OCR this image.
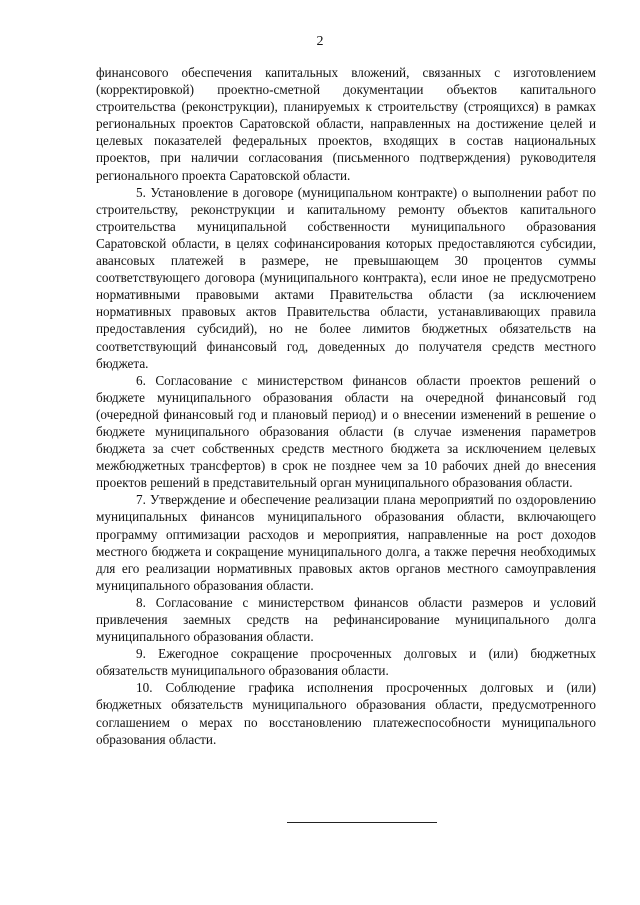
2

финансового обеспечения капитальных вложений, связанных с изготовлением (корректировкой) проектно-сметной документации объектов капитального строительства (реконструкции), планируемых к строительству (строящихся) в рамках региональных проектов Саратовской области, направленных на достижение целей и целевых показателей федеральных проектов, входящих в состав национальных проектов, при наличии согласования (письменного подтверждения) руководителя регионального проекта Саратовской области.

5. Установление в договоре (муниципальном контракте) о выполнении работ по строительству, реконструкции и капитальному ремонту объектов капитального строительства муниципальной собственности муниципального образования Саратовской области, в целях софинансирования которых предоставляются субсидии, авансовых платежей в размере, не превышающем 30 процентов суммы соответствующего договора (муниципального контракта), если иное не предусмотрено нормативными правовыми актами Правительства области (за исключением нормативных правовых актов Правительства области, устанавливающих правила предоставления субсидий), но не более лимитов бюджетных обязательств на соответствующий финансовый год, доведенных до получателя средств местного бюджета.

6. Согласование с министерством финансов области проектов решений о бюджете муниципального образования области на очередной финансовый год (очередной финансовый год и плановый период) и о внесении изменений в решение о бюджете муниципального образования области (в случае изменения параметров бюджета за счет собственных средств местного бюджета за исключением целевых межбюджетных трансфертов) в срок не позднее чем за 10 рабочих дней до внесения проектов решений в представительный орган муниципального образования области.

7. Утверждение и обеспечение реализации плана мероприятий по оздоровлению муниципальных финансов муниципального образования области, включающего программу оптимизации расходов и мероприятия, направленные на рост доходов местного бюджета и сокращение муниципального долга, а также перечня необходимых для его реализации нормативных правовых актов органов местного самоуправления муниципального образования области.

8. Согласование с министерством финансов области размеров и условий привлечения заемных средств на рефинансирование муниципального долга муниципального образования области.

9. Ежегодное сокращение просроченных долговых и (или) бюджетных обязательств муниципального образования области.

10. Соблюдение графика исполнения просроченных долговых и (или) бюджетных обязательств муниципального образования области, предусмотренного соглашением о мерах по восстановлению платежеспособности муниципального образования области.
